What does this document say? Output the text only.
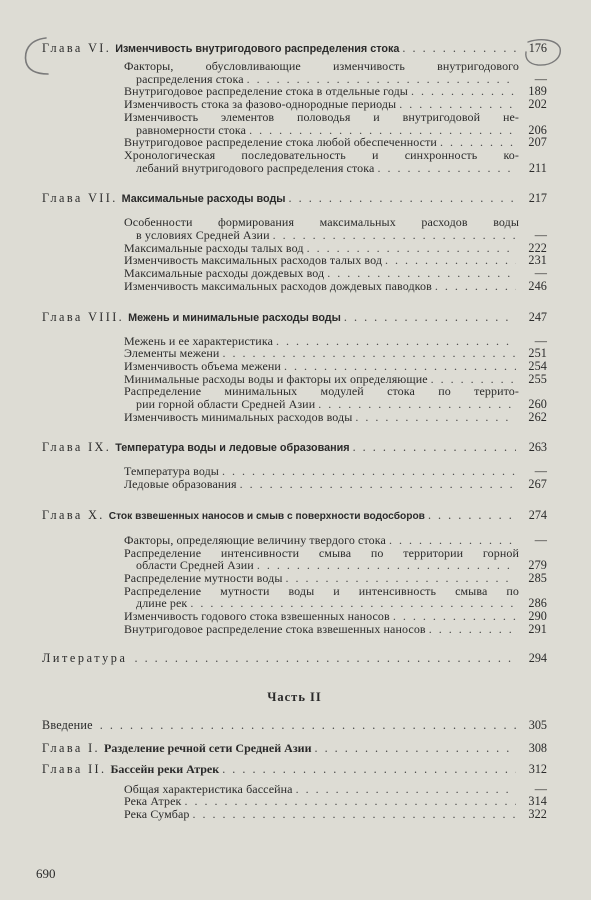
Глава VI. Изменчивость внутригодового распределения стока . . .	176
Факторы, обусловливающие изменчивость внутригодового
распределения стока . . .	—
Внутригодовое распределение стока в отдельные годы . . .	189
Изменчивость стока за фазово-однородные периоды . . .	202
Изменчивость элементов половодья и внутригодовой не-
равномерности стока . . .	206
Внутригодовое распределение стока любой обеспеченности . . .	207
Хронологическая последовательность и синхронность ко-
лебаний внутригодового распределения стока . . .	211
Глава VII. Максимальные расходы воды . . .	217
Особенности формирования максимальных расходов воды
в условиях Средней Азии . . .	—
Максимальные расходы талых вод . . .	222
Изменчивость максимальных расходов талых вод . . .	231
Максимальные расходы дождевых вод . . .	—
Изменчивость максимальных расходов дождевых паводков . . .	246
Глава VIII. Межень и минимальные расходы воды . . .	247
Межень и ее характеристика . . .	—
Элементы межени . . .	251
Изменчивость объема межени . . .	254
Минимальные расходы воды и факторы их определяющие . . .	255
Распределение минимальных модулей стока по террито-
рии горной области Средней Азии . . .	260
Изменчивость минимальных расходов воды . . .	262
Глава IX. Температура воды и ледовые образования . . .	263
Температура воды . . .	—
Ледовые образования . . .	267
Глава X. Сток взвешенных наносов и смыв с поверхности водосборов . . .	274
Факторы, определяющие величину твердого стока . . .	—
Распределение интенсивности смыва по территории горной
области Средней Азии . . .	279
Распределение мутности воды . . .	285
Распределение мутности воды и интенсивность смыва по
длине рек . . .	286
Изменчивость годового стока взвешенных наносов . . .	290
Внутригодовое распределение стока взвешенных наносов . . .	291
Литература . . .	294
Часть II
Введение . . .	305
Глава I. Разделение речной сети Средней Азии . . .	308
Глава II. Бассейн реки Атрек . . .	312
Общая характеристика бассейна . . .	—
Река Атрек . . .	314
Река Сумбар . . .	322
690
